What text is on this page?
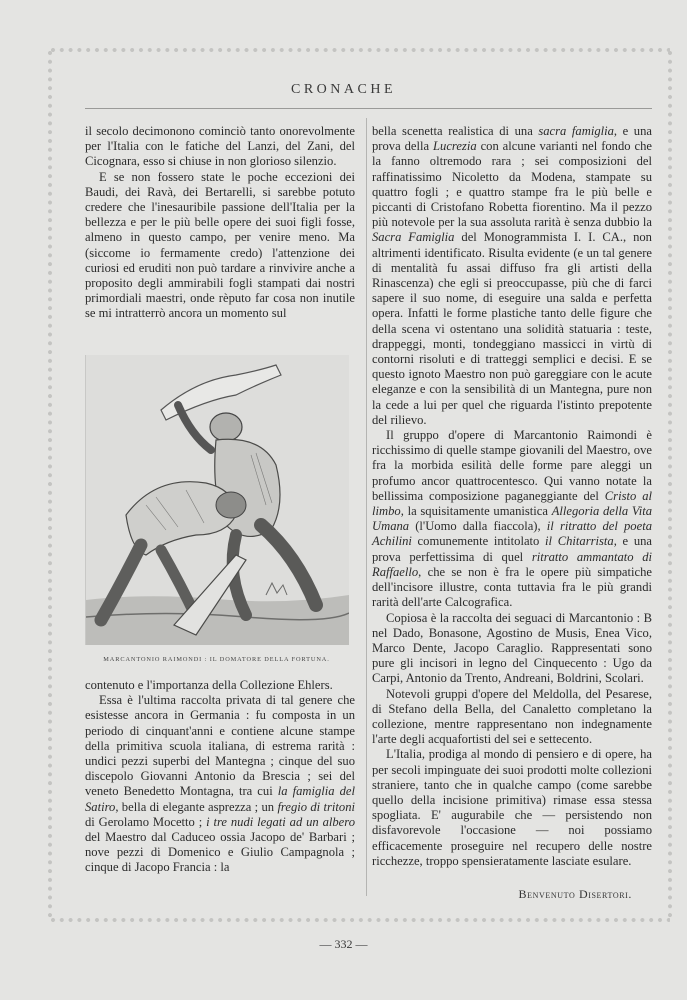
CRONACHE

il secolo decimonono cominciò tanto onorevolmente per l'Italia con le fatiche del Lanzi, del Zani, del Cicognara, esso si chiuse in non glorioso silenzio.

E se non fossero state le poche eccezioni dei Baudi, dei Ravà, dei Bertarelli, si sarebbe potuto credere che l'inesauribile passione dell'Italia per la bellezza e per le più belle opere dei suoi figli fosse, almeno in questo campo, per venire meno. Ma (siccome io fermamente credo) l'attenzione dei curiosi ed eruditi non può tardare a rinvivire anche a proposito degli ammirabili fogli stampati dai nostri primordiali maestri, onde rèputo far cosa non inutile se mi intratterrò ancora un momento sul

MARCANTONIO RAIMONDI : IL DOMATORE DELLA FORTUNA.

contenuto e l'importanza della Collezione Ehlers.

Essa è l'ultima raccolta privata di tal genere che esistesse ancora in Germania : fu composta in un periodo di cinquant'anni e contiene alcune stampe della primitiva scuola italiana, di estrema rarità : undici pezzi superbi del Mantegna ; cinque del suo discepolo Giovanni Antonio da Brescia ; sei del veneto Benedetto Montagna, tra cui la famiglia del Satiro, bella di elegante asprezza ; un fregio di tritoni di Gerolamo Mocetto ; i tre nudi legati ad un albero del Maestro dal Caduceo ossia Jacopo de' Barbari ; nove pezzi di Domenico e Giulio Campagnola ; cinque di Jacopo Francia : la

bella scenetta realistica di una sacra famiglia, e una prova della Lucrezia con alcune varianti nel fondo che la fanno oltremodo rara ; sei composizioni del raffinatissimo Nicoletto da Modena, stampate su quattro fogli ; e quattro stampe fra le più belle e piccanti di Cristofano Robetta fiorentino. Ma il pezzo più notevole per la sua assoluta rarità è senza dubbio la Sacra Famiglia del Monogrammista I. I. CA., non altrimenti identificato. Risulta evidente (e un tal genere di mentalità fu assai diffuso fra gli artisti della Rinascenza) che egli si preoccupasse, più che di farci sapere il suo nome, di eseguire una salda e perfetta opera. Infatti le forme plastiche tanto delle figure che della scena vi ostentano una solidità statuaria : teste, drappeggi, monti, tondeggiano massicci in virtù di contorni risoluti e di tratteggi semplici e decisi. E se questo ignoto Maestro non può gareggiare con le acute eleganze e con la sensibilità di un Mantegna, pure non la cede a lui per quel che riguarda l'istinto prepotente del rilievo.

Il gruppo d'opere di Marcantonio Raimondi è ricchissimo di quelle stampe giovanili del Maestro, ove fra la morbida esilità delle forme pare aleggi un profumo ancor quattrocentesco. Qui vanno notate la bellissima composizione paganeggiante del Cristo al limbo, la squisitamente umanistica Allegoria della Vita Umana (l'Uomo dalla fiaccola), il ritratto del poeta Achilini comunemente intitolato il Chitarrista, e una prova perfettissima di quel ritratto ammantato di Raffaello, che se non è fra le opere più simpatiche dell'incisore illustre, conta tuttavia fra le più grandi rarità dell'arte Calcografica.

Copiosa è la raccolta dei seguaci di Marcantonio : B nel Dado, Bonasone, Agostino de Musis, Enea Vico, Marco Dente, Jacopo Caraglio. Rappresentati sono pure gli incisori in legno del Cinquecento : Ugo da Carpi, Antonio da Trento, Andreani, Boldrini, Scolari.

Notevoli gruppi d'opere del Meldolla, del Pesarese, di Stefano della Bella, del Canaletto completano la collezione, mentre rappresentano non indegnamente l'arte degli acquafortisti del sei e settecento.

L'Italia, prodiga al mondo di pensiero e di opere, ha per secoli impinguate dei suoi prodotti molte collezioni straniere, tanto che in qualche campo (come sarebbe quello della incisione primitiva) rimase essa stessa spogliata. E' augurabile che — persistendo non disfavorevole l'occasione — noi possiamo efficacemente proseguire nel recupero delle nostre ricchezze, troppo spensieratamente lasciate esulare.

Benvenuto Disertori.
— 332 —
